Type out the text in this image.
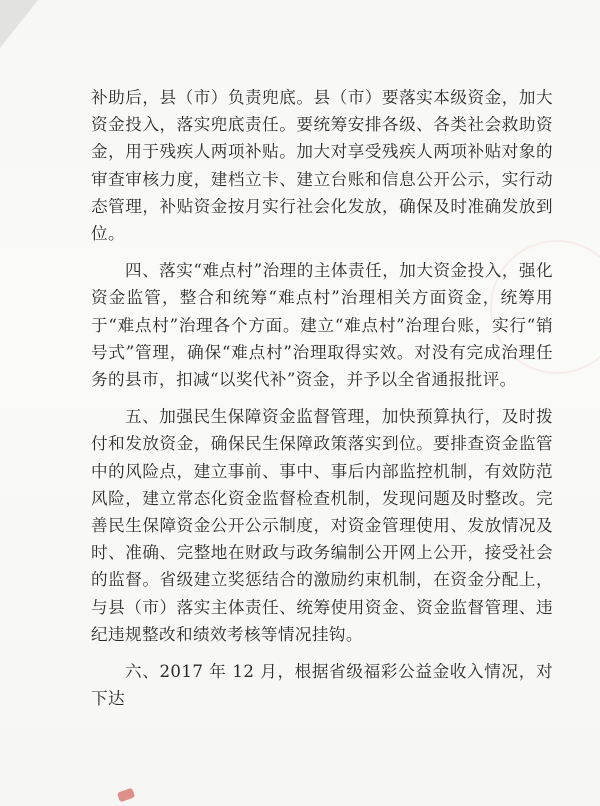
补助后，县（市）负责兜底。县（市）要落实本级资金，加大资金投入，落实兜底责任。要统筹安排各级、各类社会救助资金，用于残疾人两项补贴。加大对享受残疾人两项补贴对象的审查审核力度，建档立卡、建立台账和信息公开公示，实行动态管理，补贴资金按月实行社会化发放，确保及时准确发放到位。

四、落实“难点村”治理的主体责任，加大资金投入，强化资金监管，整合和统筹“难点村”治理相关方面资金，统筹用于“难点村”治理各个方面。建立“难点村”治理台账，实行“销号式”管理，确保“难点村”治理取得实效。对没有完成治理任务的县市，扣减“以奖代补”资金，并予以全省通报批评。

五、加强民生保障资金监督管理，加快预算执行，及时拨付和发放资金，确保民生保障政策落实到位。要排查资金监管中的风险点，建立事前、事中、事后内部监控机制，有效防范风险，建立常态化资金监督检查机制，发现问题及时整改。完善民生保障资金公开公示制度，对资金管理使用、发放情况及时、准确、完整地在财政与政务编制公开网上公开，接受社会的监督。省级建立奖惩结合的激励约束机制，在资金分配上，与县（市）落实主体责任、统筹使用资金、资金监督管理、违纪违规整改和绩效考核等情况挂钩。

六、2017 年 12 月，根据省级福彩公益金收入情况，对下达
